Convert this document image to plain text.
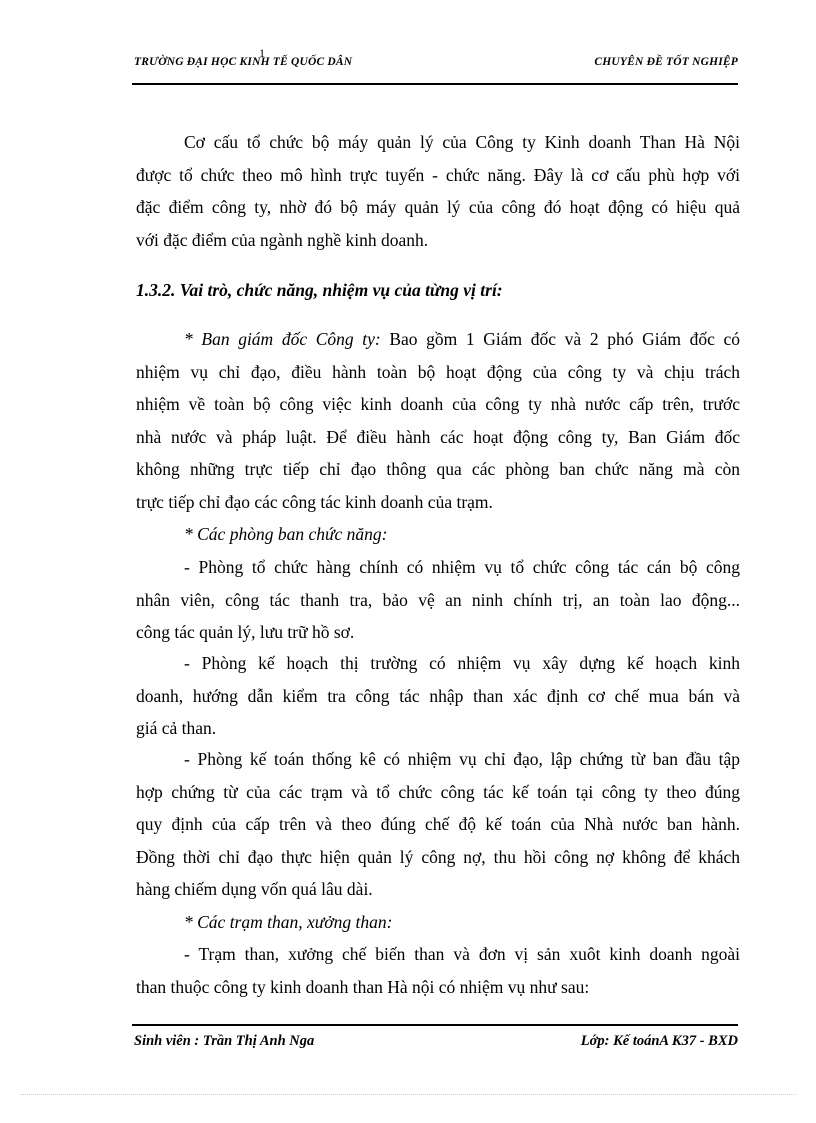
TRƯỜNG ĐẠI HỌC KINH TẾ QUỐC DÂN
1
CHUYÊN ĐỀ TỐT NGHIỆP
Cơ cấu tổ chức bộ máy quản lý của Công ty Kinh doanh Than Hà Nội
được tổ chức theo mô hình trực tuyến - chức năng. Đây là cơ cấu phù hợp với
đặc điểm công ty, nhờ đó bộ máy quản lý của công đó hoạt động có hiệu quả
với đặc điểm của ngành nghề kinh doanh.
1.3.2. Vai trò, chức năng, nhiệm vụ của từng vị trí:
* Ban giám đốc Công ty: Bao gồm 1 Giám đốc và 2 phó Giám đốc có
nhiệm vụ chỉ đạo, điều hành toàn bộ hoạt động của công ty và chịu trách
nhiệm về toàn bộ công việc kinh doanh của công ty nhà nước cấp trên, trước
nhà nước và pháp luật. Để điều hành các hoạt động công ty, Ban Giám đốc
không những trực tiếp chỉ đạo thông qua các phòng ban chức năng mà còn
trực tiếp chỉ đạo các công tác kinh doanh của trạm.
* Các phòng ban chức năng:
- Phòng tổ chức hàng chính có nhiệm vụ tổ chức công tác cán bộ công
nhân viên, công tác thanh tra, bảo vệ an ninh chính trị, an toàn lao động...
công tác quản lý, lưu trữ hồ sơ.
- Phòng kế hoạch thị trường có nhiệm vụ xây dựng kế hoạch kinh
doanh, hướng dẫn kiểm tra công tác nhập than xác định cơ chế mua bán và
giá cả than.
- Phòng kế toán thống kê có nhiệm vụ chỉ đạo, lập chứng từ ban đầu tập
hợp chứng từ của các trạm và tổ chức công tác kế toán tại công ty theo đúng
quy định của cấp trên và theo đúng chế độ kế toán của Nhà nước ban hành.
Đồng thời chỉ đạo thực hiện quản lý công nợ, thu hồi công nợ không để khách
hàng chiếm dụng vốn quá lâu dài.
* Các trạm than, xưởng than:
- Trạm than, xưởng chế biến than và đơn vị sản xuôt kinh doanh ngoài
than thuộc công ty kinh doanh than Hà nội có nhiệm vụ như sau:
Sinh viên : Trần Thị Anh Nga	Lớp: Kế toánA K37 - BXD
